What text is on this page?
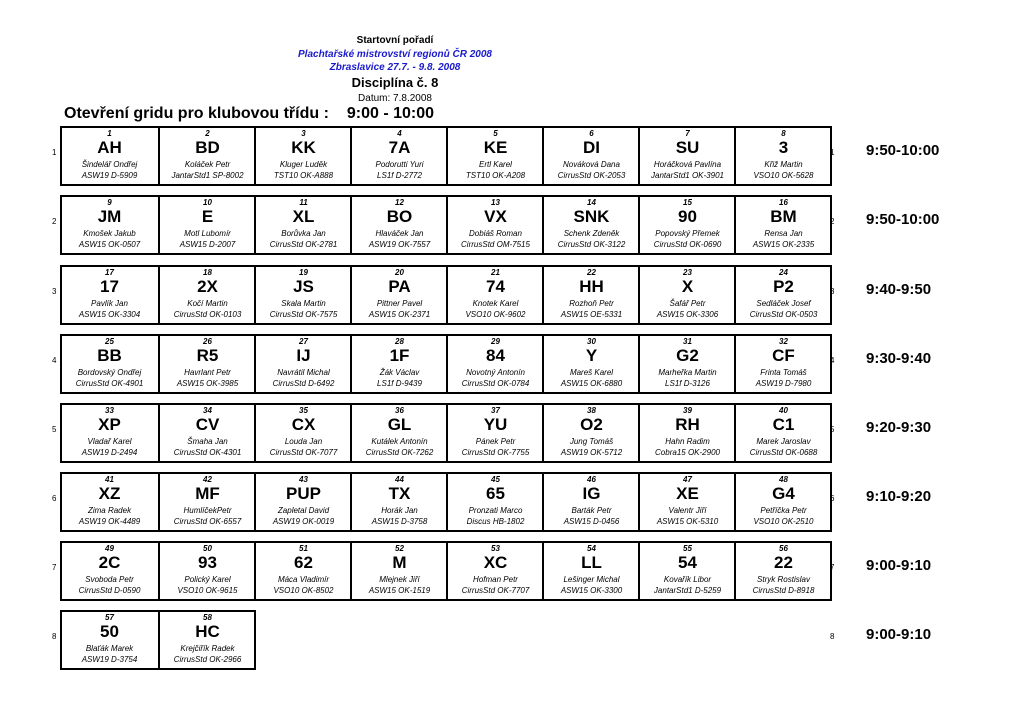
Startovní pořadí
Plachtařské mistrovství regionů ČR 2008
Zbraslavice 27.7. - 9.8. 2008
Disciplína č. 8
Datum: 7.8.2008
Otevření gridu pro klubovou třídu : 9:00 - 10:00
1
AH
Šindelář Ondřej
ASW19 D-5909
2
BD
Koláček Petr
JantarStd1 SP-8002
3
KK
Kluger Luděk
TST10 OK-A888
4
7A
Podorutti Yuri
LS1f D-2772
5
KE
Ertl Karel
TST10 OK-A208
6
DI
Nováková Dana
CirrusStd OK-2053
7
SU
Horáčková Pavlína
JantarStd1 OK-3901
8
3
Křiž Martin
VSO10 OK-5628
1	1 9:50-10:00
9
JM
Kmošek Jakub
ASW15 OK-0507
10
E
Motl Lubomír
ASW15 D-2007
11
XL
Borůvka Jan
CirrusStd OK-2781
12
BO
Hlaváček Jan
ASW19 OK-7557
13
VX
Dobiáš Roman
CirrusStd OM-7515
14
SNK
Schenk Zdeněk
CirrusStd OK-3122
15
90
Popovský Přemek
CirrusStd OK-0690
16
BM
Rensa Jan
ASW15 OK-2335
2	2 9:50-10:00
17
17
Pavlík Jan
ASW15 OK-3304
18
2X
Kočí Martin
CirrusStd OK-0103
19
JS
Skala Martin
CirrusStd OK-7575
20
PA
Pittner Pavel
ASW15 OK-2371
21
74
Knotek Karel
VSO10 OK-9602
22
HH
Rozhoň Petr
ASW15 OE-5331
23
X
Šafář Petr
ASW15 OK-3306
24
P2
Sedláček Josef
CirrusStd OK-0503
3	3 9:40-9:50
25
BB
Bordovský Ondřej
CirrusStd OK-4901
26
R5
Havrlant Petr
ASW15 OK-3985
27
IJ
Navrátil Michal
CirrusStd D-6492
28
1F
Žák Václav
LS1f D-9439
29
84
Novotný Antonín
CirrusStd OK-0784
30
Y
Mareš Karel
ASW15 OK-6880
31
G2
Marheřka Martin
LS1f D-3126
32
CF
Frinta Tomáš
ASW19 D-7980
4	4 9:30-9:40
33
XP
Vladař Karel
ASW19 D-2494
34
CV
Šmaha Jan
CirrusStd OK-4301
35
CX
Louda Jan
CirrusStd OK-7077
36
GL
Kutálek Antonín
CirrusStd OK-7262
37
YU
Pánek Petr
CirrusStd OK-7755
38
O2
Jung Tomáš
ASW19 OK-5712
39
RH
Hahn Radim
Cobra15 OK-2900
40
C1
Marek Jaroslav
CirrusStd OK-0688
5	5 9:20-9:30
41
XZ
Zima Radek
ASW19 OK-4489
42
MF
HumlíčekPetr
CirrusStd OK-6557
43
PUP
Zapletal David
ASW19 OK-0019
44
TX
Horák Jan
ASW15 D-3758
45
65
Pronzati Marco
Discus HB-1802
46
IG
Barták Petr
ASW15 D-0456
47
XE
Valentr Jiří
ASW15 OK-5310
48
G4
Petříčka Petr
VSO10 OK-2510
6	6 9:10-9:20
49
2C
Svoboda Petr
CirrusStd D-0590
50
93
Polický Karel
VSO10 OK-9615
51
62
Máca Vladimír
VSO10 OK-8502
52
M
Mlejnek Jiří
ASW15 OK-1519
53
XC
Hofman Petr
CirrusStd OK-7707
54
LL
Lešinger Michal
ASW15 OK-3300
55
54
Kovařík Libor
JantarStd1 D-5259
56
22
Stryk Rostislav
CirrusStd D-8918
7	7 9:00-9:10
57
50
Blaťák Marek
ASW19 D-3754
58
HC
Krejčiřík Radek
CirrusStd OK-2966
8	8 9:00-9:10
